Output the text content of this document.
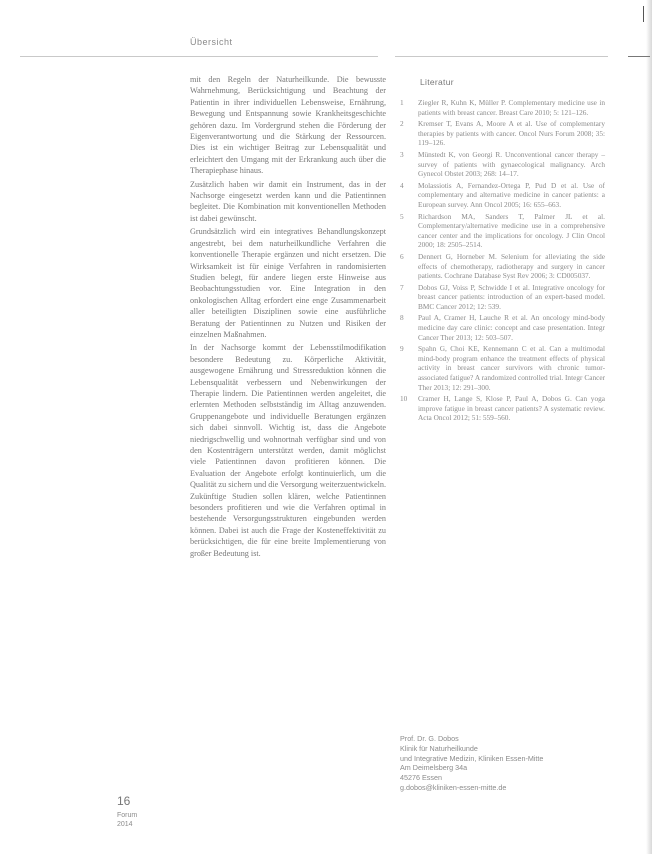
Übersicht

mit den Regeln der Naturheilkunde. Die bewusste Wahrnehmung, Berücksichtigung und Beachtung der Patientin in ihrer individuellen Lebensweise, Ernährung, Bewegung und Entspannung sowie Krankheitsgeschichte gehören dazu. Im Vordergrund stehen die Förderung der Eigenverantwortung und die Stärkung der Ressourcen. Dies ist ein wichtiger Beitrag zur Lebensqualität und erleichtert den Umgang mit der Erkrankung auch über die Therapiephase hinaus.

Zusätzlich haben wir damit ein Instrument, das in der Nachsorge eingesetzt werden kann und die Patientinnen begleitet. Die Kombination mit konventionellen Methoden ist dabei gewünscht.

Grundsätzlich wird ein integratives Behandlungskonzept angestrebt, bei dem naturheilkundliche Verfahren die konventionelle Therapie ergänzen und nicht ersetzen. Die Wirksamkeit ist für einige Verfahren in randomisierten Studien belegt, für andere liegen erste Hinweise aus Beobachtungsstudien vor. Eine Integration in den onkologischen Alltag erfordert eine enge Zusammenarbeit aller beteiligten Disziplinen sowie eine ausführliche Beratung der Patientinnen zu Nutzen und Risiken der einzelnen Maßnahmen.

In der Nachsorge kommt der Lebensstilmodifikation besondere Bedeutung zu. Körperliche Aktivität, ausgewogene Ernährung und Stressreduktion können die Lebensqualität verbessern und Nebenwirkungen der Therapie lindern. Die Patientinnen werden angeleitet, die erlernten Methoden selbstständig im Alltag anzuwenden. Gruppenangebote und individuelle Beratungen ergänzen sich dabei sinnvoll. Wichtig ist, dass die Angebote niedrigschwellig und wohnortnah verfügbar sind und von den Kostenträgern unterstützt werden, damit möglichst viele Patientinnen davon profitieren können. Die Evaluation der Angebote erfolgt kontinuierlich, um die Qualität zu sichern und die Versorgung weiterzuentwickeln. Zukünftige Studien sollen klären, welche Patientinnen besonders profitieren und wie die Verfahren optimal in bestehende Versorgungsstrukturen eingebunden werden können. Dabei ist auch die Frage der Kosteneffektivität zu berücksichtigen, die für eine breite Implementierung von großer Bedeutung ist.

Literatur
1	Ziegler R, Kuhn K, Müller P. Complementary medicine use in patients with breast cancer. Breast Care 2010; 5: 121–126.
2	Kremser T, Evans A, Moore A et al. Use of complementary therapies by patients with cancer. Oncol Nurs Forum 2008; 35: 119–126.
3	Münstedt K, von Georgi R. Unconventional cancer therapy – survey of patients with gynaecological malignancy. Arch Gynecol Obstet 2003; 268: 14–17.
4	Molassiotis A, Fernandez-Ortega P, Pud D et al. Use of complementary and alternative medicine in cancer patients: a European survey. Ann Oncol 2005; 16: 655–663.
5	Richardson MA, Sanders T, Palmer JL et al. Complementary/alternative medicine use in a comprehensive cancer center and the implications for oncology. J Clin Oncol 2000; 18: 2505–2514.
6	Dennert G, Horneber M. Selenium for alleviating the side effects of chemotherapy, radiotherapy and surgery in cancer patients. Cochrane Database Syst Rev 2006; 3: CD005037.
7	Dobos GJ, Voiss P, Schwidde I et al. Integrative oncology for breast cancer patients: introduction of an expert-based model. BMC Cancer 2012; 12: 539.
8	Paul A, Cramer H, Lauche R et al. An oncology mind-body medicine day care clinic: concept and case presentation. Integr Cancer Ther 2013; 12: 503–507.
9	Spahn G, Choi KE, Kennemann C et al. Can a multimodal mind-body program enhance the treatment effects of physical activity in breast cancer survivors with chronic tumor-associated fatigue? A randomized controlled trial. Integr Cancer Ther 2013; 12: 291–300.
10	Cramer H, Lange S, Klose P, Paul A, Dobos G. Can yoga improve fatigue in breast cancer patients? A systematic review. Acta Oncol 2012; 51: 559–560.
Prof. Dr. G. Dobos
Klinik für Naturheilkunde
und Integrative Medizin, Kliniken Essen-Mitte
Am Deimelsberg 34a
45276 Essen
g.dobos@kliniken-essen-mitte.de
16
Forum
2014
